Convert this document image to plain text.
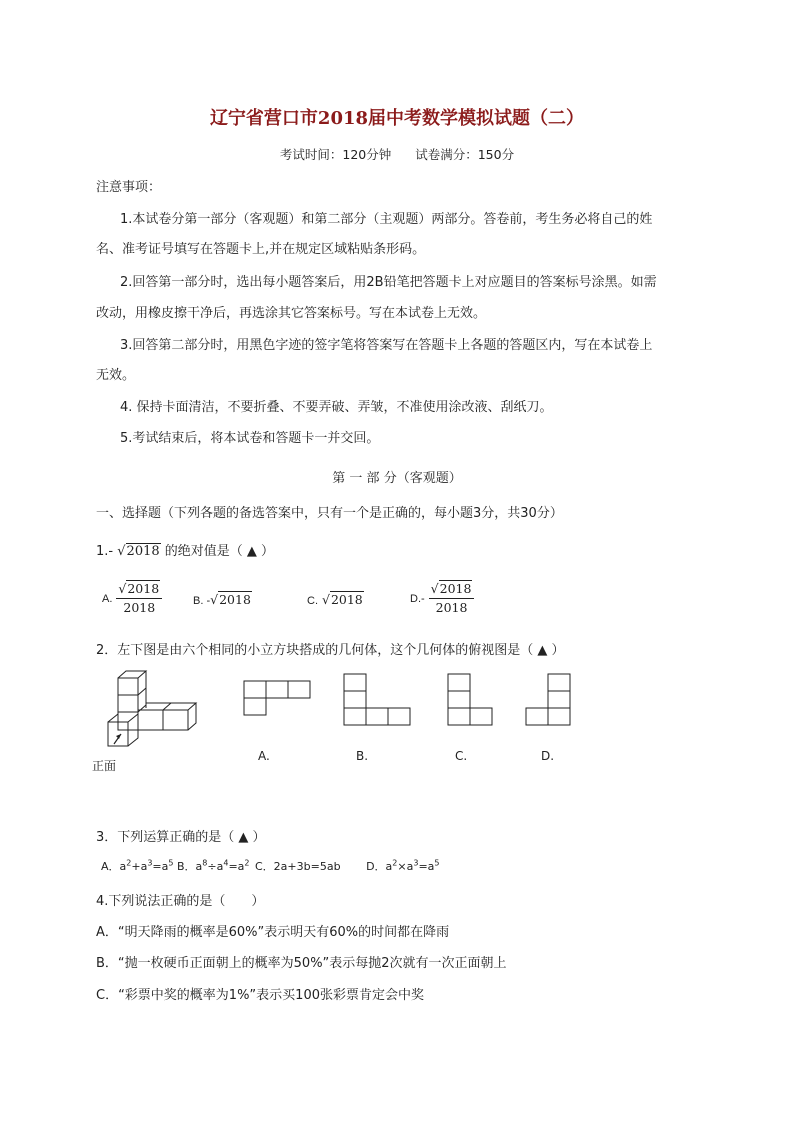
辽宁省营口市2018届中考数学模拟试题（二）
考试时间：120分钟 试卷满分：150分
注意事项：
1.本试卷分第一部分（客观题）和第二部分（主观题）两部分。答卷前，考生务必将自己的姓
名、准考证号填写在答题卡上,并在规定区域粘贴条形码。
2.回答第一部分时，选出每小题答案后，用2B铅笔把答题卡上对应题目的答案标号涂黑。如需
改动，用橡皮擦干净后，再选涂其它答案标号。写在本试卷上无效。
3.回答第二部分时，用黑色字迹的签字笔将答案写在答题卡上各题的答题区内，写在本试卷上
无效。
4. 保持卡面清洁，不要折叠、不要弄破、弄皱，不准使用涂改液、刮纸刀。
5.考试结束后，将本试卷和答题卡一并交回。
第 一 部 分（客观题）
一、选择题（下列各题的备选答案中，只有一个是正确的，每小题3分，共30分）
1.- √2018 的绝对值是（ ▲ ）
A. $\frac{√2018}{2018}$	B. -√2018	C. √2018	$D.- \frac{√2018}{2018}$
2．左下图是由六个相同的小立方块搭成的几何体，这个几何体的俯视图是（ ▲ ）
正面
A.	B.	C.	D.
3．下列运算正确的是（ ▲ ）
A．$a^2+a^3=a^5$ B．$a^8\div a^4=a^2$ C．2a+3b=5ab D．$a^2\times a^3=a^5$
4.下列说法正确的是（　　）
A．“明天降雨的概率是60%”表示明天有60%的时间都在降雨
B．“抛一枚硬币正面朝上的概率为50%”表示每抛2次就有一次正面朝上
C．“彩票中奖的概率为1%”表示买100张彩票肯定会中奖
